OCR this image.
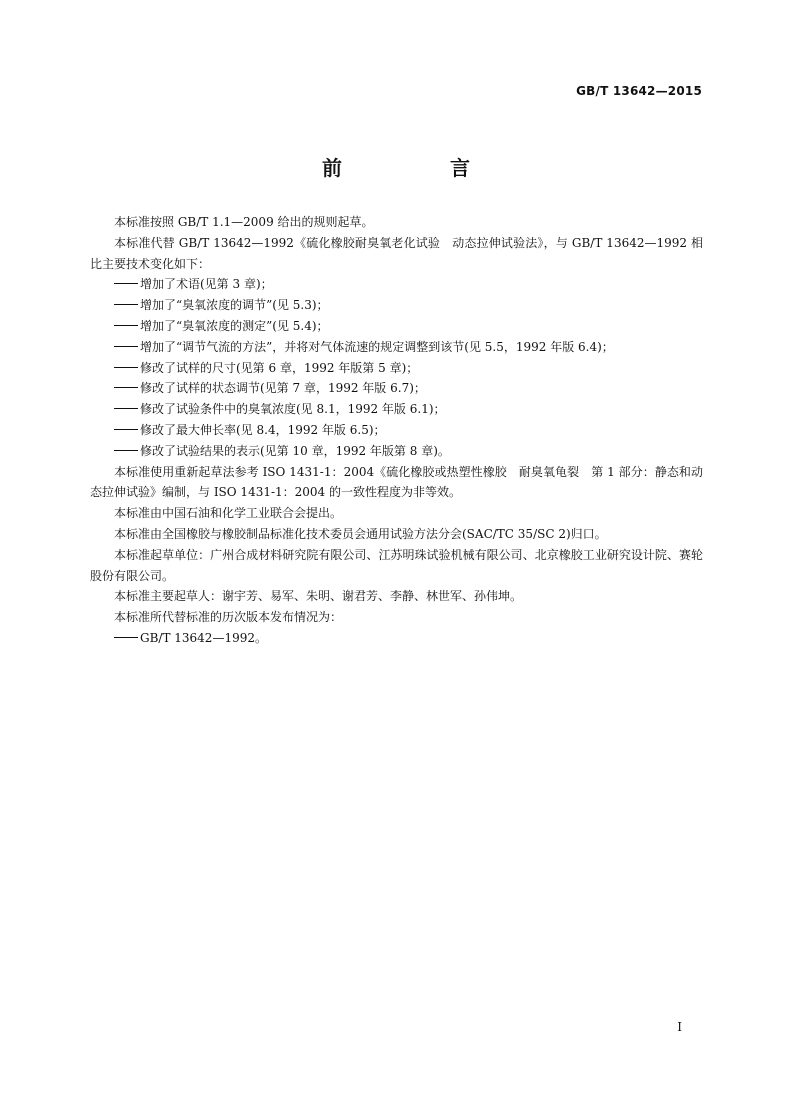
GB/T 13642—2015
前　言

本标准按照 GB/T 1.1—2009 给出的规则起草。

本标准代替 GB/T 13642—1992《硫化橡胶耐臭氧老化试验　动态拉伸试验法》，与 GB/T 13642—1992 相比主要技术变化如下：

增加了术语(见第 3 章)；

增加了“臭氧浓度的调节”(见 5.3)；

增加了“臭氧浓度的测定”(见 5.4)；

增加了“调节气流的方法”，并将对气体流速的规定调整到该节(见 5.5，1992 年版 6.4)；

修改了试样的尺寸(见第 6 章，1992 年版第 5 章)；

修改了试样的状态调节(见第 7 章，1992 年版 6.7)；

修改了试验条件中的臭氧浓度(见 8.1，1992 年版 6.1)；

修改了最大伸长率(见 8.4，1992 年版 6.5)；

修改了试验结果的表示(见第 10 章，1992 年版第 8 章)。

本标准使用重新起草法参考 ISO 1431-1：2004《硫化橡胶或热塑性橡胶　耐臭氧龟裂　第 1 部分：静态和动态拉伸试验》编制，与 ISO 1431-1：2004 的一致性程度为非等效。

本标准由中国石油和化学工业联合会提出。

本标准由全国橡胶与橡胶制品标准化技术委员会通用试验方法分会(SAC/TC 35/SC 2)归口。

本标准起草单位：广州合成材料研究院有限公司、江苏明珠试验机械有限公司、北京橡胶工业研究设计院、赛轮股份有限公司。

本标准主要起草人：谢宇芳、易军、朱明、谢君芳、李静、林世军、孙伟坤。

本标准所代替标准的历次版本发布情况为：

GB/T 13642—1992。

I
